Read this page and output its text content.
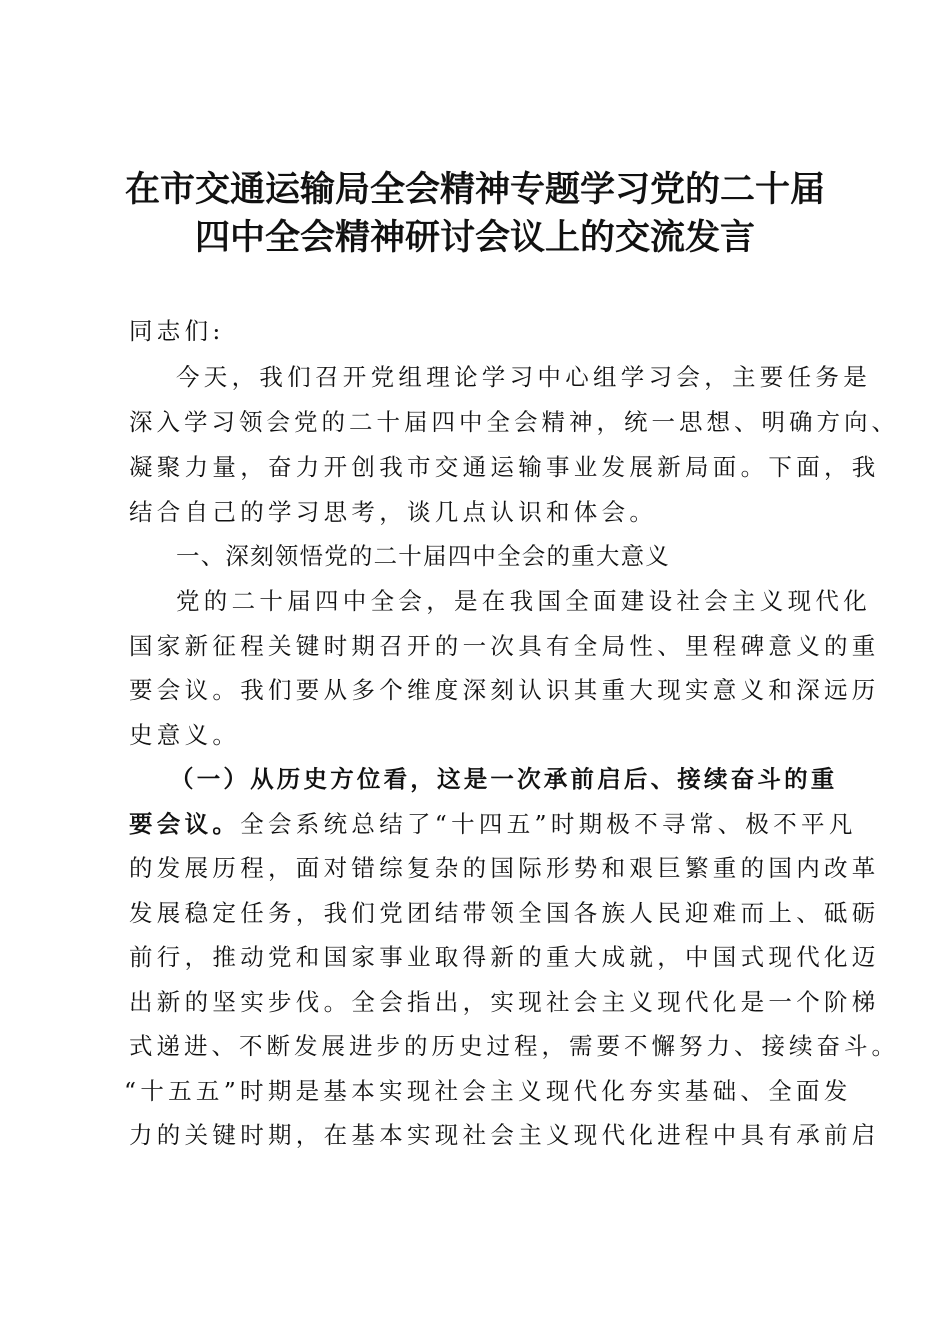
在市交通运输局全会精神专题学习党的二十届
四中全会精神研讨会议上的交流发言
同志们:
今天，我们召开党组理论学习中心组学习会，主要任务是
深入学习领会党的二十届四中全会精神，统一思想、明确方向、
凝聚力量，奋力开创我市交通运输事业发展新局面。下面，我
结合自己的学习思考，谈几点认识和体会。
一、深刻领悟党的二十届四中全会的重大意义
党的二十届四中全会，是在我国全面建设社会主义现代化
国家新征程关键时期召开的一次具有全局性、里程碑意义的重
要会议。我们要从多个维度深刻认识其重大现实意义和深远历
史意义。
（一）从历史方位看，这是一次承前启后、接续奋斗的重
要会议。全会系统总结了“十四五”时期极不寻常、极不平凡
的发展历程，面对错综复杂的国际形势和艰巨繁重的国内改革
发展稳定任务，我们党团结带领全国各族人民迎难而上、砥砺
前行，推动党和国家事业取得新的重大成就，中国式现代化迈
出新的坚实步伐。全会指出，实现社会主义现代化是一个阶梯
式递进、不断发展进步的历史过程，需要不懈努力、接续奋斗。
“十五五”时期是基本实现社会主义现代化夯实基础、全面发
力的关键时期，在基本实现社会主义现代化进程中具有承前启
